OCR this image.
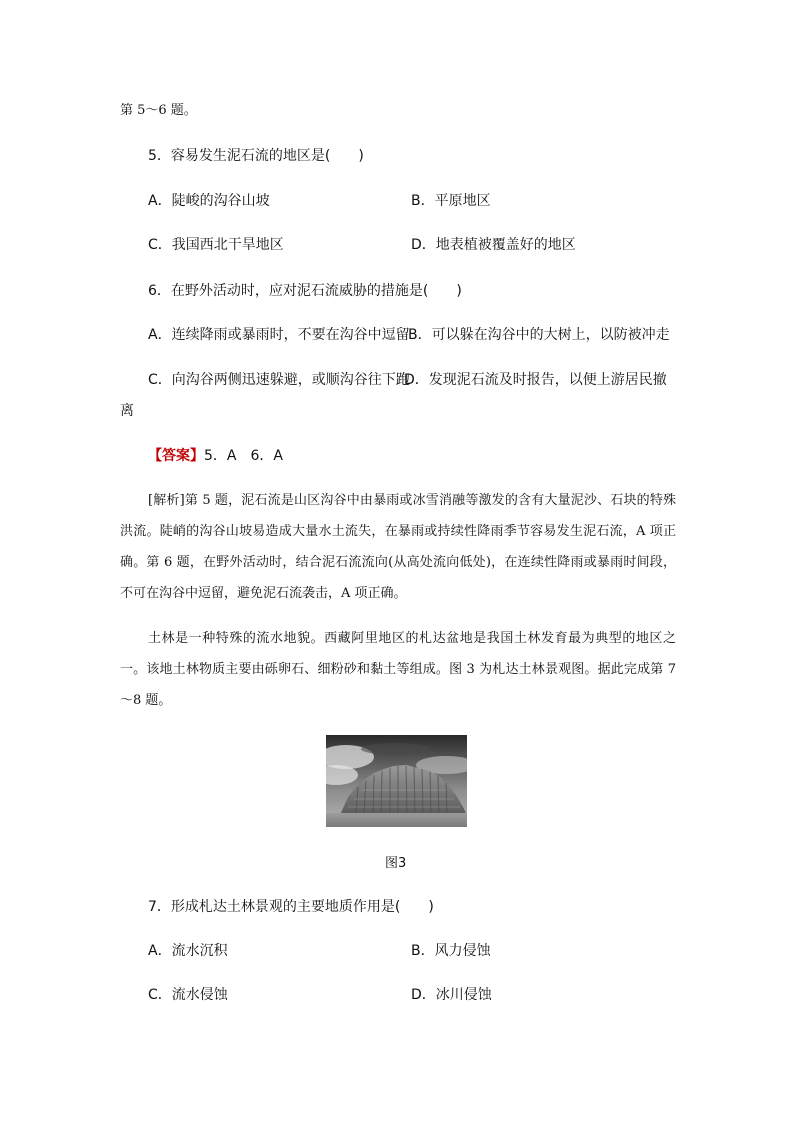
第 5～6 题。
5．容易发生泥石流的地区是(　　)
A．陡峻的沟谷山坡	B．平原地区
C．我国西北干旱地区	D．地表植被覆盖好的地区
6．在野外活动时，应对泥石流威胁的措施是(　　)
A．连续降雨或暴雨时，不要在沟谷中逗留
B．可以躲在沟谷中的大树上，以防被冲走
C．向沟谷两侧迅速躲避，或顺沟谷往下跑
D．发现泥石流及时报告，以便上游居民撤
离
【答案】5．A　6．A
[解析]第 5 题，泥石流是山区沟谷中由暴雨或冰雪消融等激发的含有大量泥沙、石块的特殊洪流。陡峭的沟谷山坡易造成大量水土流失，在暴雨或持续性降雨季节容易发生泥石流，A 项正确。第 6 题，在野外活动时，结合泥石流流向(从高处流向低处)，在连续性降雨或暴雨时间段，不可在沟谷中逗留，避免泥石流袭击，A 项正确。
土林是一种特殊的流水地貌。西藏阿里地区的札达盆地是我国土林发育最为典型的地区之一。该地土林物质主要由砾卵石、细粉砂和黏土等组成。图 3 为札达土林景观图。据此完成第 7～8 题。
图3
7．形成札达土林景观的主要地质作用是(　　)
A．流水沉积	B．风力侵蚀
C．流水侵蚀	D．冰川侵蚀
